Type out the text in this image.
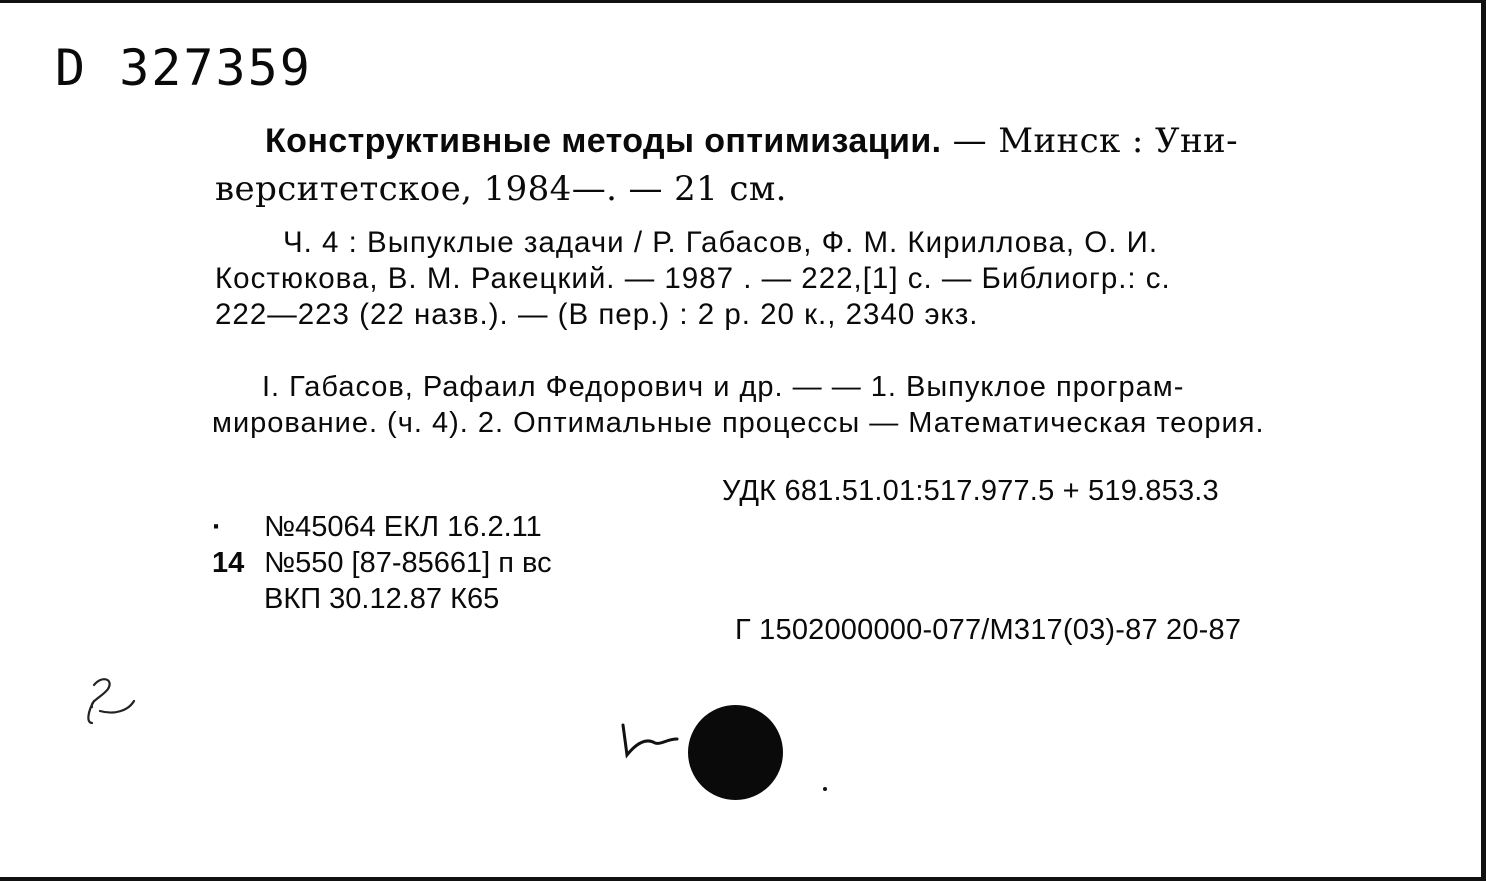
D 327359
Конструктивные методы оптимизации. — Минск : Уни-
верситетское, 1984—. — 21 см.
Ч. 4 : Выпуклые задачи / Р. Габасов, Ф. М. Кириллова, О. И.
Костюкова, В. М. Ракецкий. — 1987 . — 222,[1] с. — Библиогр.: с.
222—223 (22 назв.). — (В пер.) : 2 р. 20 к., 2340 экз.
I. Габасов, Рафаил Федорович и др. — — 1. Выпуклое програм-
мирование. (ч. 4). 2. Оптимальные процессы — Математическая теория.
УДК 681.51.01:517.977.5 + 519.853.3
· №45064 ЕКЛ 16.2.11
14 №550 [87-85661] п вс
ВКП 30.12.87 К65
Г 1502000000-077/М317(03)-87 20-87
